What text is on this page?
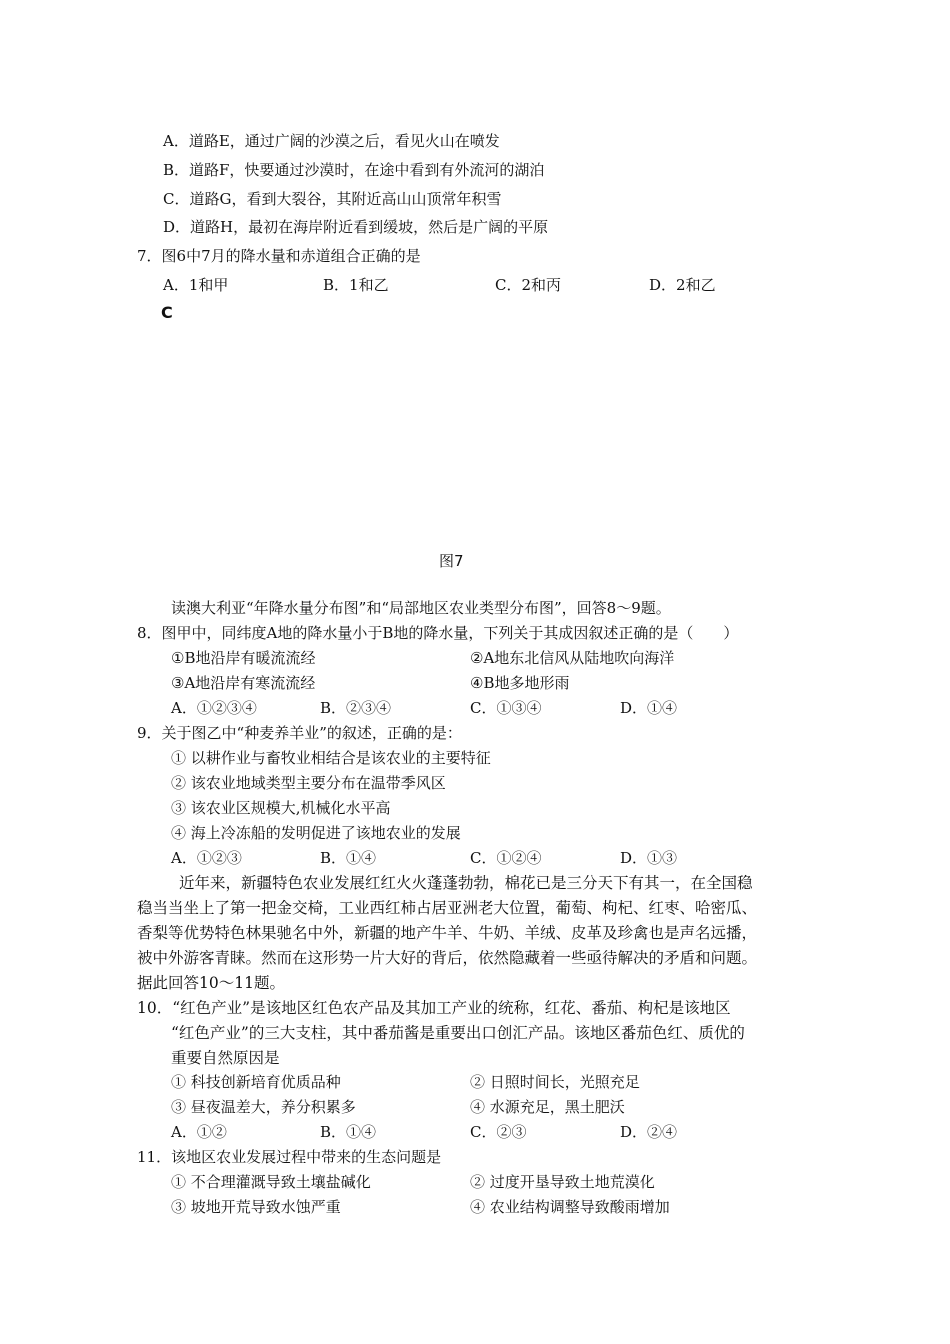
A．道路E，通过广阔的沙漠之后，看见火山在喷发
B．道路F，快要通过沙漠时，在途中看到有外流河的湖泊
C．道路G，看到大裂谷，其附近高山山顶常年积雪
D．道路H，最初在海岸附近看到缓坡，然后是广阔的平原
7．图6中7月的降水量和赤道组合正确的是
A．1和甲	B．1和乙	C．2和丙	D．2和乙
C
图7
读澳大利亚“年降水量分布图”和“局部地区农业类型分布图”，回答8～9题。
8．图甲中，同纬度A地的降水量小于B地的降水量，下列关于其成因叙述正确的是（　　）
①B地沿岸有暖流流经	②A地东北信风从陆地吹向海洋
③A地沿岸有寒流流经	④B地多地形雨
A．①②③④	B．②③④	C．①③④	D．①④
9．关于图乙中“种麦养羊业”的叙述，正确的是：
① 以耕作业与畜牧业相结合是该农业的主要特征
② 该农业地域类型主要分布在温带季风区
③ 该农业区规模大,机械化水平高
④ 海上冷冻船的发明促进了该地农业的发展
A．①②③	B．①④	C．①②④	D．①③
近年来，新疆特色农业发展红红火火蓬蓬勃勃，棉花已是三分天下有其一，在全国稳
稳当当坐上了第一把金交椅，工业西红柿占居亚洲老大位置，葡萄、枸杞、红枣、哈密瓜、
香梨等优势特色林果驰名中外，新疆的地产牛羊、牛奶、羊绒、皮革及珍禽也是声名远播，
被中外游客青睐。然而在这形势一片大好的背后，依然隐藏着一些亟待解决的矛盾和问题。
据此回答10～11题。
10．“红色产业”是该地区红色农产品及其加工产业的统称，红花、番茄、枸杞是该地区
“红色产业”的三大支柱，其中番茄酱是重要出口创汇产品。该地区番茄色红、质优的
重要自然原因是
① 科技创新培育优质品种	② 日照时间长，光照充足
③ 昼夜温差大，养分积累多	④ 水源充足，黑土肥沃
A．①②	B．①④	C．②③	D．②④
11．该地区农业发展过程中带来的生态问题是
① 不合理灌溉导致土壤盐碱化	② 过度开垦导致土地荒漠化
③ 坡地开荒导致水蚀严重	④ 农业结构调整导致酸雨增加
